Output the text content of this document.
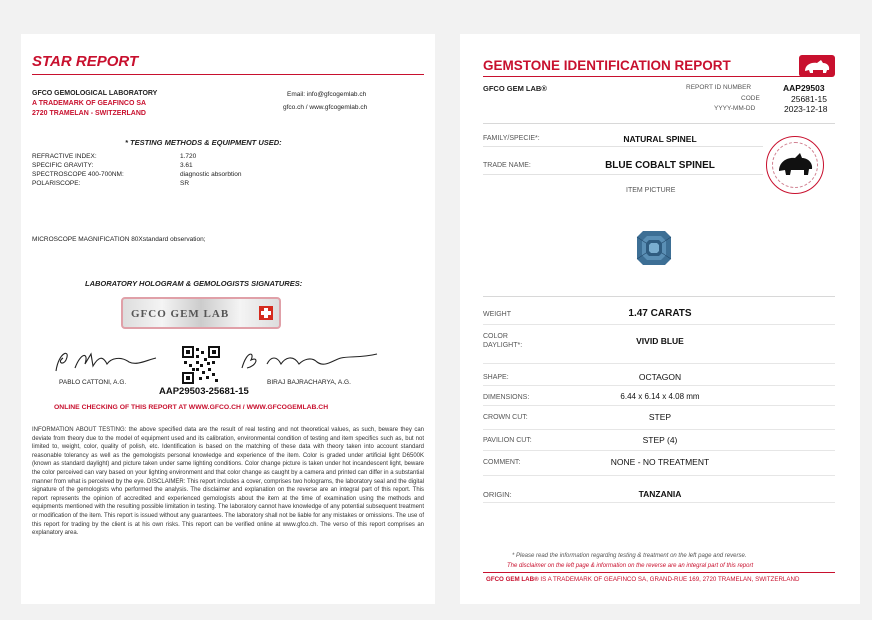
STAR REPORT
GFCO GEMOLOGICAL LABORATORY
A TRADEMARK OF GEAFINCO SA
2720 TRAMELAN - SWITZERLAND
Email: info@gfcogemlab.ch
gfco.ch / www.gfcogemlab.ch
* TESTING METHODS & EQUIPMENT USED:
REFRACTIVE INDEX:	1.720
SPECIFIC GRAVITY:	3.61
SPECTROSCOPE 400-700NM:	diagnostic absorbtion
POLARISCOPE:	SR
MICROSCOPE MAGNIFICATION 80X:
standard observation;
LABORATORY HOLOGRAM & GEMOLOGISTS SIGNATURES:
GFCO GEM LAB
PABLO CATTONI, A.G.	BIRAJ BAJRACHARYA, A.G.
AAP29503-25681-15
ONLINE CHECKING OF THIS REPORT AT WWW.GFCO.CH / WWW.GFCOGEMLAB.CH
INFORMATION ABOUT TESTING: the above specified data are the result of real testing and not theoretical values, as such, beware they can deviate from theory due to the model of equipment used and its calibration, environmental condition of testing and item specifics such as, but not limited to, weight, color, quality of polish, etc. Identification is based on the matching of these data with theory taken into account standard reasonable tolerancy as well as the gemologists personal knowledge and experience of the item. Color is graded under artificial light D6500K (known as standard daylight) and picture taken under same lighting conditions. Color change picture is taken under hot incandescent light, beware the color perceived can vary based on your lighting environment and that color change as caught by a camera and printed can differ in a substantial manner from what is perceived by the eye. DISCLAIMER: This report includes a cover, comprises two holograms, the laboratory seal and the digital signature of the gemologists who performed the analysis. The disclaimer and explanation on the reverse are an integral part of this report. This report represents the opinion of accredited and experienced gemologists about the item at the time of examination using the methods and equipments mentioned with the resulting possible limitation in testing. The laboratory cannot have knowledge of any potential subsequent treatment or modification of the item. This report is issued without any guarantees. The laboratory shall not be liable for any mistakes or omissions. The use of this report for trading by the client is at his own risks. This report can be verified online at www.gfco.ch. The verso of this report comprises an explanatory area.
GEMSTONE IDENTIFICATION REPORT
GFCO GEM LAB®	REPORT ID NUMBER	AAP29503
CODE	25681-15
YYYY-MM-DD	2023-12-18
FAMILY/SPECIE*:	NATURAL SPINEL
TRADE NAME:	BLUE COBALT SPINEL
ITEM PICTURE
WEIGHT	1.47 CARATS
COLOR
DAYLIGHT*:	VIVID BLUE
SHAPE:	OCTAGON
DIMENSIONS:	6.44 x 6.14 x 4.08 mm
CROWN CUT:	STEP
PAVILION CUT:	STEP (4)
COMMENT:	NONE - NO TREATMENT
ORIGIN:	TANZANIA
* Please read the information regarding testing & treatment on the left page and reverse.
The disclaimer on the left page & information on the reverse are an integral part of this report
GFCO GEM LAB® IS A TRADEMARK OF GEAFINCO SA, GRAND-RUE 169, 2720 TRAMELAN, SWITZERLAND
